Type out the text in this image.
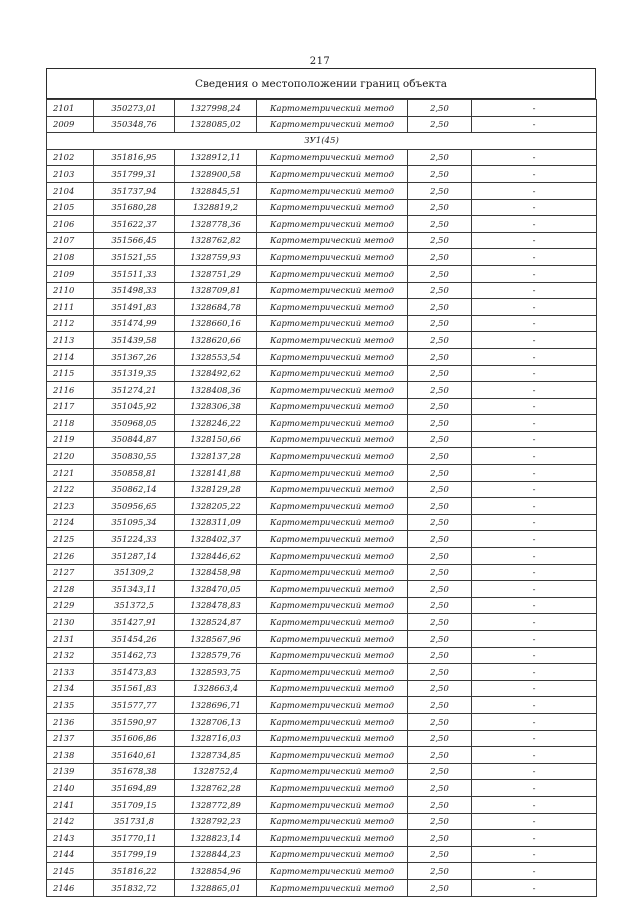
217
Сведения о местоположении границ объекта
2101	350273,01	1327998,24	Картометрический метод	2,50	-
2009	350348,76	1328085,02	Картометрический метод	2,50	-
ЗУ1(45)					
2102	351816,95	1328912,11	Картометрический метод	2,50	-
2103	351799,31	1328900,58	Картометрический метод	2,50	-
2104	351737,94	1328845,51	Картометрический метод	2,50	-
2105	351680,28	1328819,2	Картометрический метод	2,50	-
2106	351622,37	1328778,36	Картометрический метод	2,50	-
2107	351566,45	1328762,82	Картометрический метод	2,50	-
2108	351521,55	1328759,93	Картометрический метод	2,50	-
2109	351511,33	1328751,29	Картометрический метод	2,50	-
2110	351498,33	1328709,81	Картометрический метод	2,50	-
2111	351491,83	1328684,78	Картометрический метод	2,50	-
2112	351474,99	1328660,16	Картометрический метод	2,50	-
2113	351439,58	1328620,66	Картометрический метод	2,50	-
2114	351367,26	1328553,54	Картометрический метод	2,50	-
2115	351319,35	1328492,62	Картометрический метод	2,50	-
2116	351274,21	1328408,36	Картометрический метод	2,50	-
2117	351045,92	1328306,38	Картометрический метод	2,50	-
2118	350968,05	1328246,22	Картометрический метод	2,50	-
2119	350844,87	1328150,66	Картометрический метод	2,50	-
2120	350830,55	1328137,28	Картометрический метод	2,50	-
2121	350858,81	1328141,88	Картометрический метод	2,50	-
2122	350862,14	1328129,28	Картометрический метод	2,50	-
2123	350956,65	1328205,22	Картометрический метод	2,50	-
2124	351095,34	1328311,09	Картометрический метод	2,50	-
2125	351224,33	1328402,37	Картометрический метод	2,50	-
2126	351287,14	1328446,62	Картометрический метод	2,50	-
2127	351309,2	1328458,98	Картометрический метод	2,50	-
2128	351343,11	1328470,05	Картометрический метод	2,50	-
2129	351372,5	1328478,83	Картометрический метод	2,50	-
2130	351427,91	1328524,87	Картометрический метод	2,50	-
2131	351454,26	1328567,96	Картометрический метод	2,50	-
2132	351462,73	1328579,76	Картометрический метод	2,50	-
2133	351473,83	1328593,75	Картометрический метод	2,50	-
2134	351561,83	1328663,4	Картометрический метод	2,50	-
2135	351577,77	1328696,71	Картометрический метод	2,50	-
2136	351590,97	1328706,13	Картометрический метод	2,50	-
2137	351606,86	1328716,03	Картометрический метод	2,50	-
2138	351640,61	1328734,85	Картометрический метод	2,50	-
2139	351678,38	1328752,4	Картометрический метод	2,50	-
2140	351694,89	1328762,28	Картометрический метод	2,50	-
2141	351709,15	1328772,89	Картометрический метод	2,50	-
2142	351731,8	1328792,23	Картометрический метод	2,50	-
2143	351770,11	1328823,14	Картометрический метод	2,50	-
2144	351799,19	1328844,23	Картометрический метод	2,50	-
2145	351816,22	1328854,96	Картометрический метод	2,50	-
2146	351832,72	1328865,01	Картометрический метод	2,50	-
